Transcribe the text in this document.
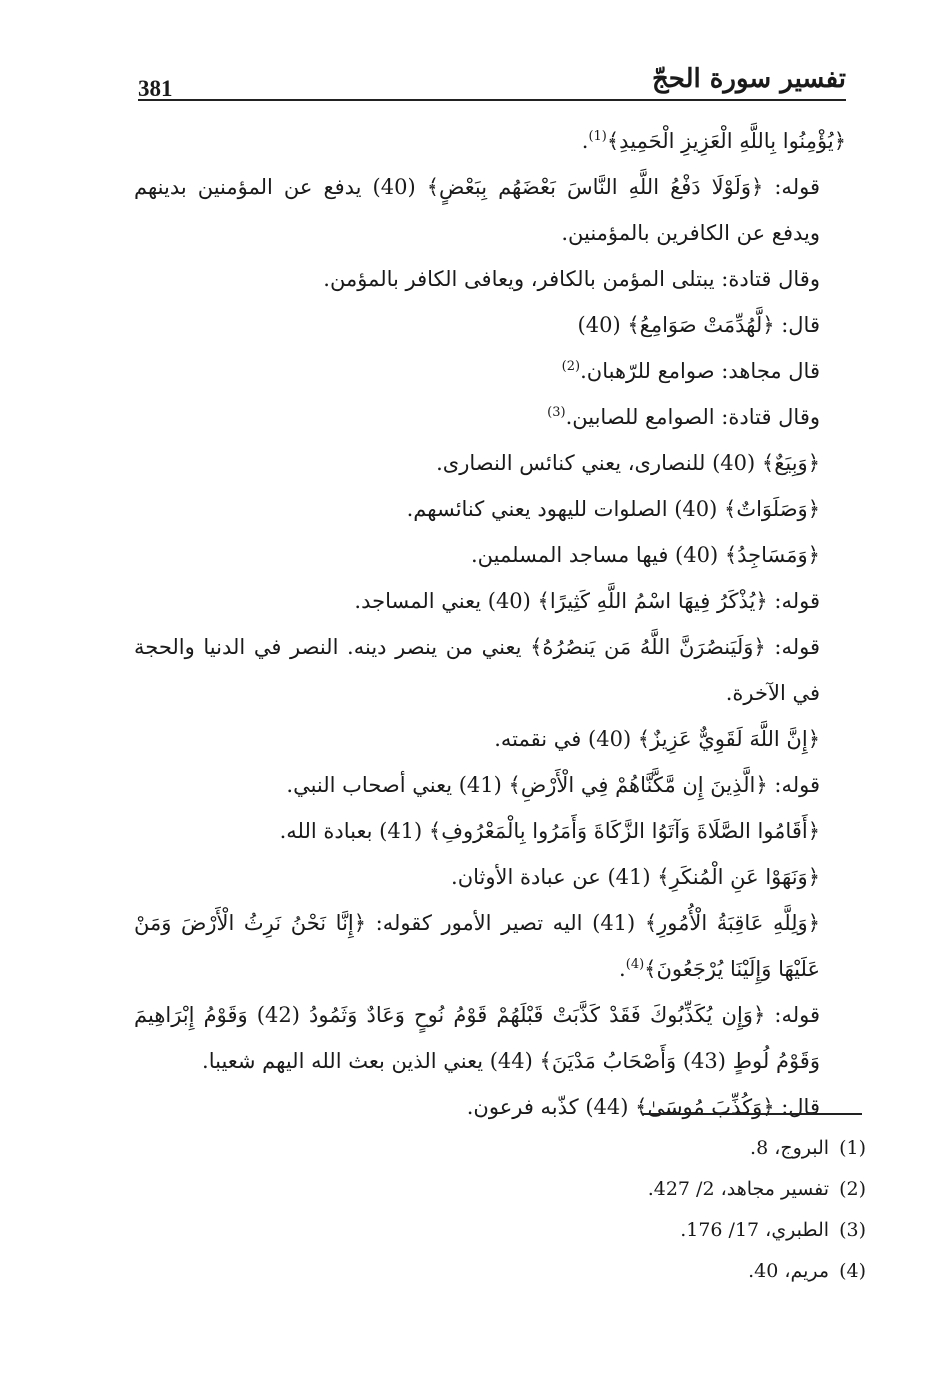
381	تفسير سورة الحجّ

﴿يُؤْمِنُوا بِاللَّهِ الْعَزِيزِ الْحَمِيدِ﴾$^{(1)}$.

قوله: ﴿وَلَوْلَا دَفْعُ اللَّهِ النَّاسَ بَعْضَهُم بِبَعْضٍ﴾ (40) يدفع عن المؤمنين بدينهم ويدفع عن الكافرين بالمؤمنين.

وقال قتادة: يبتلى المؤمن بالكافر، ويعافى الكافر بالمؤمن.

قال: ﴿لَّهُدِّمَتْ صَوَامِعُ﴾ (40)

قال مجاهد: صوامع للرّهبان.$^{(2)}$

وقال قتادة: الصوامع للصابين.$^{(3)}$

﴿وَبِيَعٌ﴾ (40) للنصارى، يعني كنائس النصارى.

﴿وَصَلَوَاتٌ﴾ (40) الصلوات لليهود يعني كنائسهم.

﴿وَمَسَاجِدُ﴾ (40) فيها مساجد المسلمين.

قوله: ﴿يُذْكَرُ فِيهَا اسْمُ اللَّهِ كَثِيرًا﴾ (40) يعني المساجد.

قوله: ﴿وَلَيَنصُرَنَّ اللَّهُ مَن يَنصُرُهُ﴾ يعني من ينصر دينه. النصر في الدنيا والحجة في الآخرة.

﴿إِنَّ اللَّهَ لَقَوِيٌّ عَزِيزٌ﴾ (40) في نقمته.

قوله: ﴿الَّذِينَ إِن مَّكَّنَّاهُمْ فِي الْأَرْضِ﴾ (41) يعني أصحاب النبي.

﴿أَقَامُوا الصَّلَاةَ وَآتَوُا الزَّكَاةَ وَأَمَرُوا بِالْمَعْرُوفِ﴾ (41) بعبادة الله.

﴿وَنَهَوْا عَنِ الْمُنكَرِ﴾ (41) عن عبادة الأوثان.

﴿وَلِلَّهِ عَاقِبَةُ الْأُمُورِ﴾ (41) اليه تصير الأمور كقوله: ﴿إِنَّا نَحْنُ نَرِثُ الْأَرْضَ وَمَنْ عَلَيْهَا وَإِلَيْنَا يُرْجَعُونَ﴾$^{(4)}$.

قوله: ﴿وَإِن يُكَذِّبُوكَ فَقَدْ كَذَّبَتْ قَبْلَهُمْ قَوْمُ نُوحٍ وَعَادٌ وَثَمُودُ (42) وَقَوْمُ إِبْرَاهِيمَ وَقَوْمُ لُوطٍ (43) وَأَصْحَابُ مَدْيَنَ﴾ (44) يعني الذين بعث الله اليهم شعيبا.

قال: ﴿وَكُذِّبَ مُوسَىٰ﴾ (44) كذّبه فرعون.

(1)البروج، 8.

(2)تفسير مجاهد، 2/ 427.

(3)الطبري، 17/ 176.

(4)مريم، 40.
